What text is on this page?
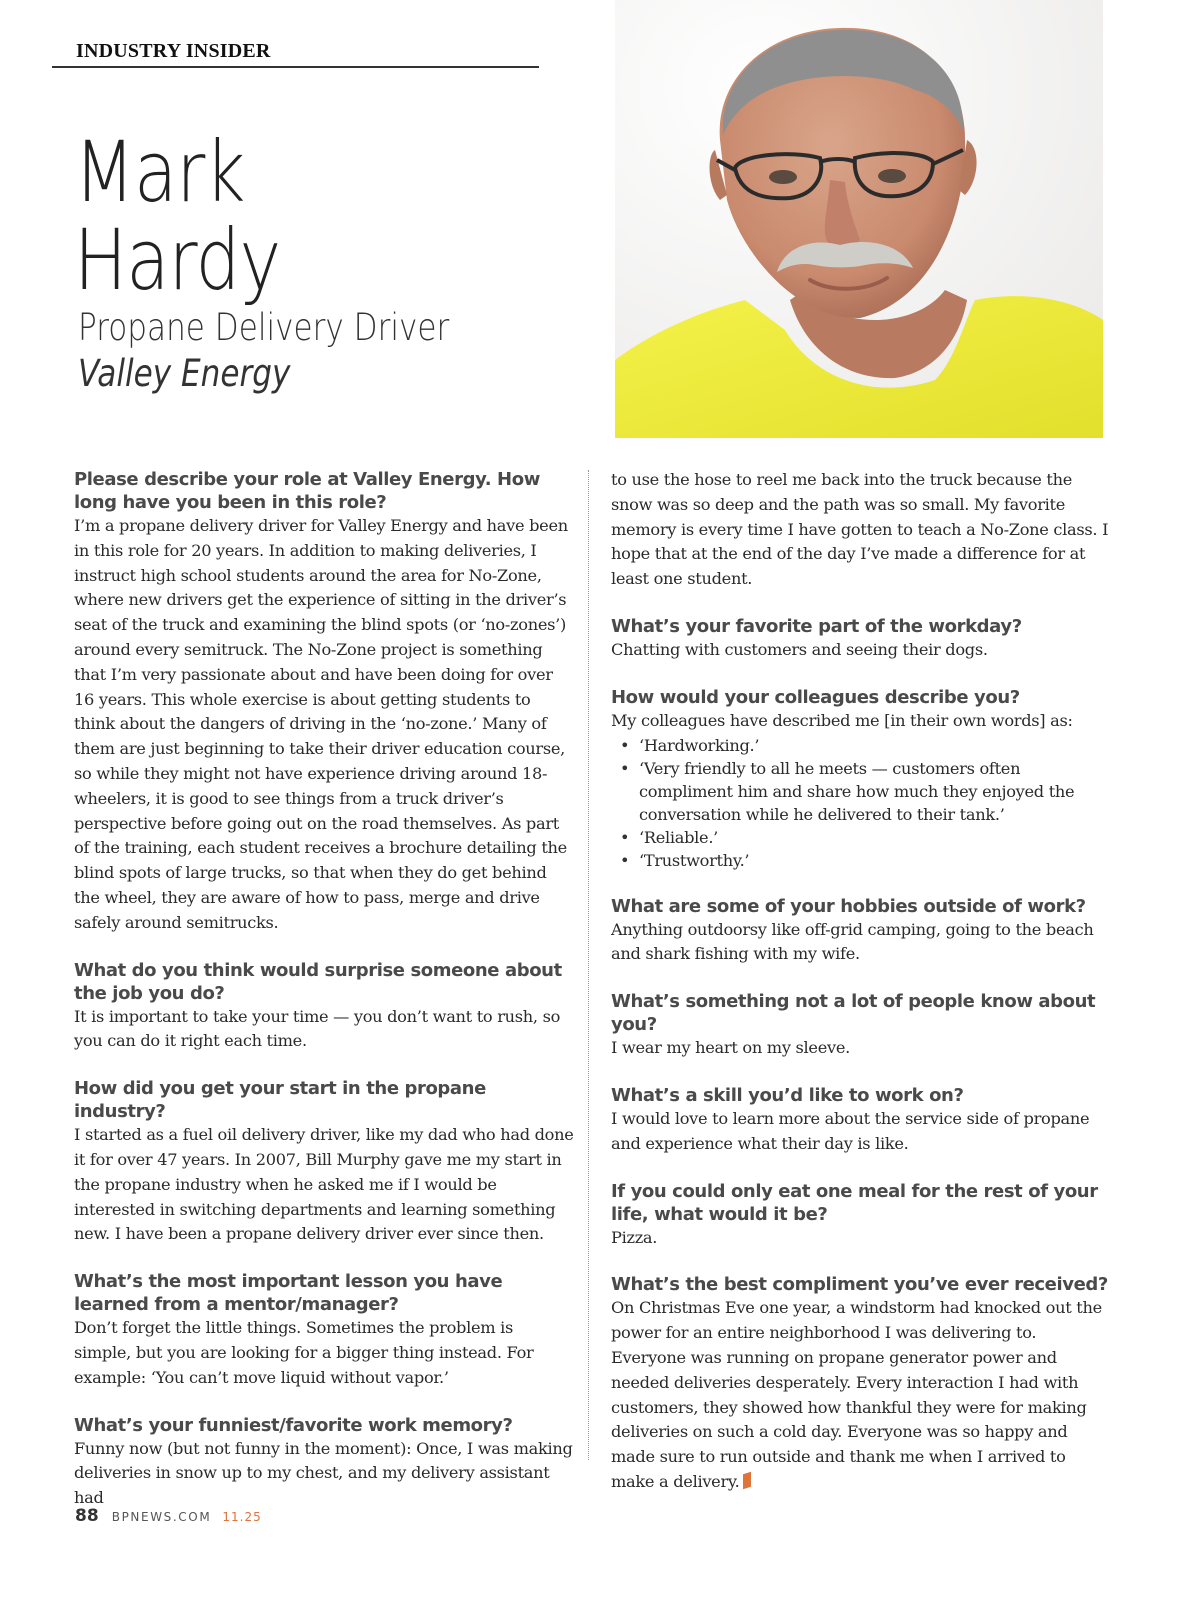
INDUSTRY INSIDER
Mark
Hardy
Propane Delivery Driver
Valley Energy

Please describe your role at Valley Energy. How long have you been in this role?

I’m a propane delivery driver for Valley Energy and have been in this role for 20 years. In addition to making deliveries, I instruct high school students around the area for No-Zone, where new drivers get the experience of sitting in the driver’s seat of the truck and examining the blind spots (or ‘no-zones’) around every semitruck. The No-Zone project is something that I’m very passionate about and have been doing for over 16 years. This whole exercise is about getting students to think about the dangers of driving in the ‘no-zone.’ Many of them are just beginning to take their driver education course, so while they might not have experience driving around 18-wheelers, it is good to see things from a truck driver’s perspective before going out on the road themselves. As part of the training, each student receives a brochure detailing the blind spots of large trucks, so that when they do get behind the wheel, they are aware of how to pass, merge and drive safely around semitrucks.

What do you think would surprise someone about the job you do?

It is important to take your time — you don’t want to rush, so you can do it right each time.

How did you get your start in the propane industry?

I started as a fuel oil delivery driver, like my dad who had done it for over 47 years. In 2007, Bill Murphy gave me my start in the propane industry when he asked me if I would be interested in switching departments and learning something new. I have been a propane delivery driver ever since then.

What’s the most important lesson you have learned from a mentor/manager?

Don’t forget the little things. Sometimes the problem is simple, but you are looking for a bigger thing instead. For example: ‘You can’t move liquid without vapor.’

What’s your funniest/favorite work memory?

Funny now (but not funny in the moment): Once, I was making deliveries in snow up to my chest, and my delivery assistant had

to use the hose to reel me back into the truck because the snow was so deep and the path was so small. My favorite memory is every time I have gotten to teach a No-Zone class. I hope that at the end of the day I’ve made a difference for at least one student.

What’s your favorite part of the workday?

Chatting with customers and seeing their dogs.

How would your colleagues describe you?

My colleagues have described me [in their own words] as:

• ‘Hardworking.’
• ‘Very friendly to all he meets — customers often compliment him and share how much they enjoyed the conversation while he delivered to their tank.’
• ‘Reliable.’
• ‘Trustworthy.’

What are some of your hobbies outside of work?

Anything outdoorsy like off-grid camping, going to the beach and shark fishing with my wife.

What’s something not a lot of people know about you?

I wear my heart on my sleeve.

What’s a skill you’d like to work on?

I would love to learn more about the service side of propane and experience what their day is like.

If you could only eat one meal for the rest of your life, what would it be?

Pizza.

What’s the best compliment you’ve ever received?

On Christmas Eve one year, a windstorm had knocked out the power for an entire neighborhood I was delivering to. Everyone was running on propane generator power and needed deliveries desperately. Every interaction I had with customers, they showed how thankful they were for making deliveries on such a cold day. Everyone was so happy and made sure to run outside and thank me when I arrived to make a delivery.

88 BPNEWS.COM 11.25
